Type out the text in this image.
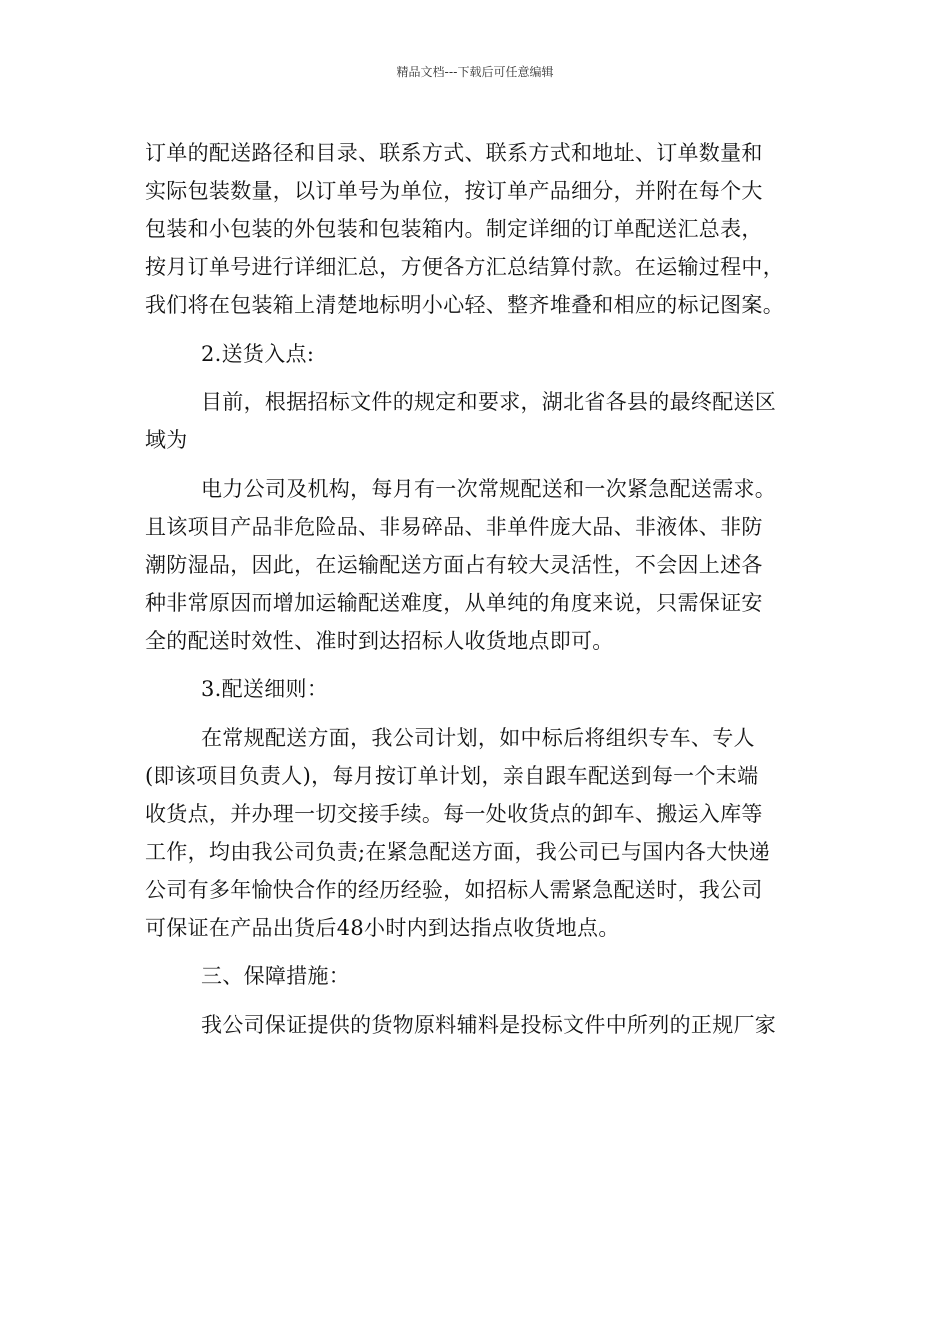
精品文档---下载后可任意编辑

订单的配送路径和目录、联系方式、联系方式和地址、订单数量和
实际包装数量，以订单号为单位，按订单产品细分，并附在每个大
包装和小包装的外包装和包装箱内。制定详细的订单配送汇总表，
按月订单号进行详细汇总，方便各方汇总结算付款。在运输过程中，
我们将在包装箱上清楚地标明小心轻、整齐堆叠和相应的标记图案。

2.送货入点:

目前，根据招标文件的规定和要求，湖北省各县的最终配送区
域为

电力公司及机构，每月有一次常规配送和一次紧急配送需求。
且该项目产品非危险品、非易碎品、非单件庞大品、非液体、非防
潮防湿品，因此，在运输配送方面占有较大灵活性，不会因上述各
种非常原因而增加运输配送难度，从单纯的角度来说，只需保证安
全的配送时效性、准时到达招标人收货地点即可。

3.配送细则：

在常规配送方面，我公司计划，如中标后将组织专车、专人
(即该项目负责人)，每月按订单计划，亲自跟车配送到每一个末端
收货点，并办理一切交接手续。每一处收货点的卸车、搬运入库等
工作，均由我公司负责;在紧急配送方面，我公司已与国内各大快递
公司有多年愉快合作的经历经验，如招标人需紧急配送时，我公司
可保证在产品出货后48小时内到达指点收货地点。

三、保障措施：

我公司保证提供的货物原料辅料是投标文件中所列的正规厂家
